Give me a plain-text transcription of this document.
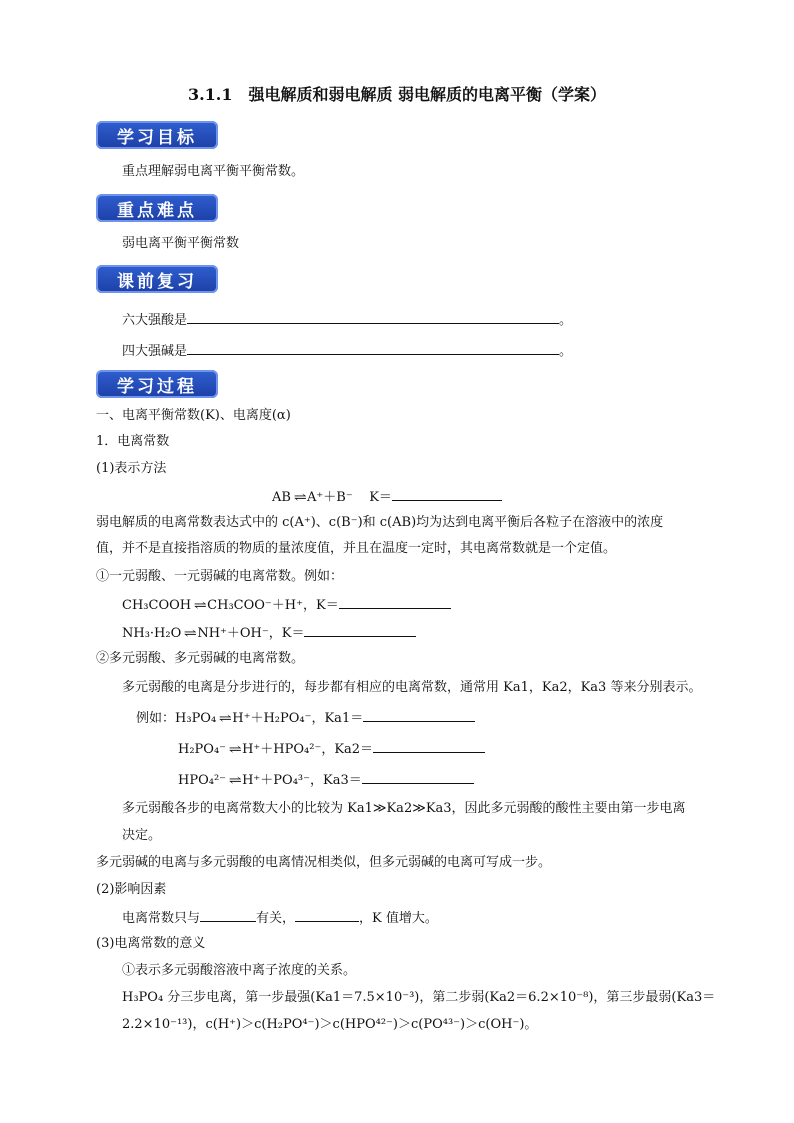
3.1.1　强电解质和弱电解质 弱电解质的电离平衡（学案）
学习目标
重点理解弱电离平衡平衡常数。
重点难点
弱电离平衡平衡常数
课前复习
六大强酸是	。
四大强碱是	。
学习过程
一、电离平衡常数(K)、电离度(α)
1．电离常数
(1)表示方法
AB ⇌ A⁺＋B⁻ K＝
弱电解质的电离常数表达式中的 c(A⁺)、c(B⁻)和 c(AB)均为达到电离平衡后各粒子在溶液中的浓度
值，并不是直接指溶质的物质的量浓度值，并且在温度一定时，其电离常数就是一个定值。
①一元弱酸、一元弱碱的电离常数。例如：
CH₃COOH ⇌ CH₃COO⁻＋H⁺，K＝
NH₃·H₂O ⇌ NH⁺＋OH⁻，K＝
②多元弱酸、多元弱碱的电离常数。
多元弱酸的电离是分步进行的，每步都有相应的电离常数，通常用 Ka1，Ka2，Ka3 等来分别表示。
例如：H₃PO₄ ⇌ H⁺＋H₂PO₄⁻，Ka1＝
H₂PO₄⁻ ⇌ H⁺＋HPO₄²⁻，Ka2＝
HPO₄²⁻ ⇌ H⁺＋PO₄³⁻，Ka3＝
多元弱酸各步的电离常数大小的比较为 Ka1≫Ka2≫Ka3，因此多元弱酸的酸性主要由第一步电离
决定。
多元弱碱的电离与多元弱酸的电离情况相类似，但多元弱碱的电离可写成一步。
(2)影响因素
电离常数只与	有关，	，K 值增大。
(3)电离常数的意义
①表示多元弱酸溶液中离子浓度的关系。
H₃PO₄ 分三步电离，第一步最强(Ka1＝7.5×10⁻³)，第二步弱(Ka2＝6.2×10⁻⁸)，第三步最弱(Ka3＝
2.2×10⁻¹³)，c(H⁺)＞c(H₂PO⁴⁻)＞c(HPO⁴²⁻)＞c(PO⁴³⁻)＞c(OH⁻)。
